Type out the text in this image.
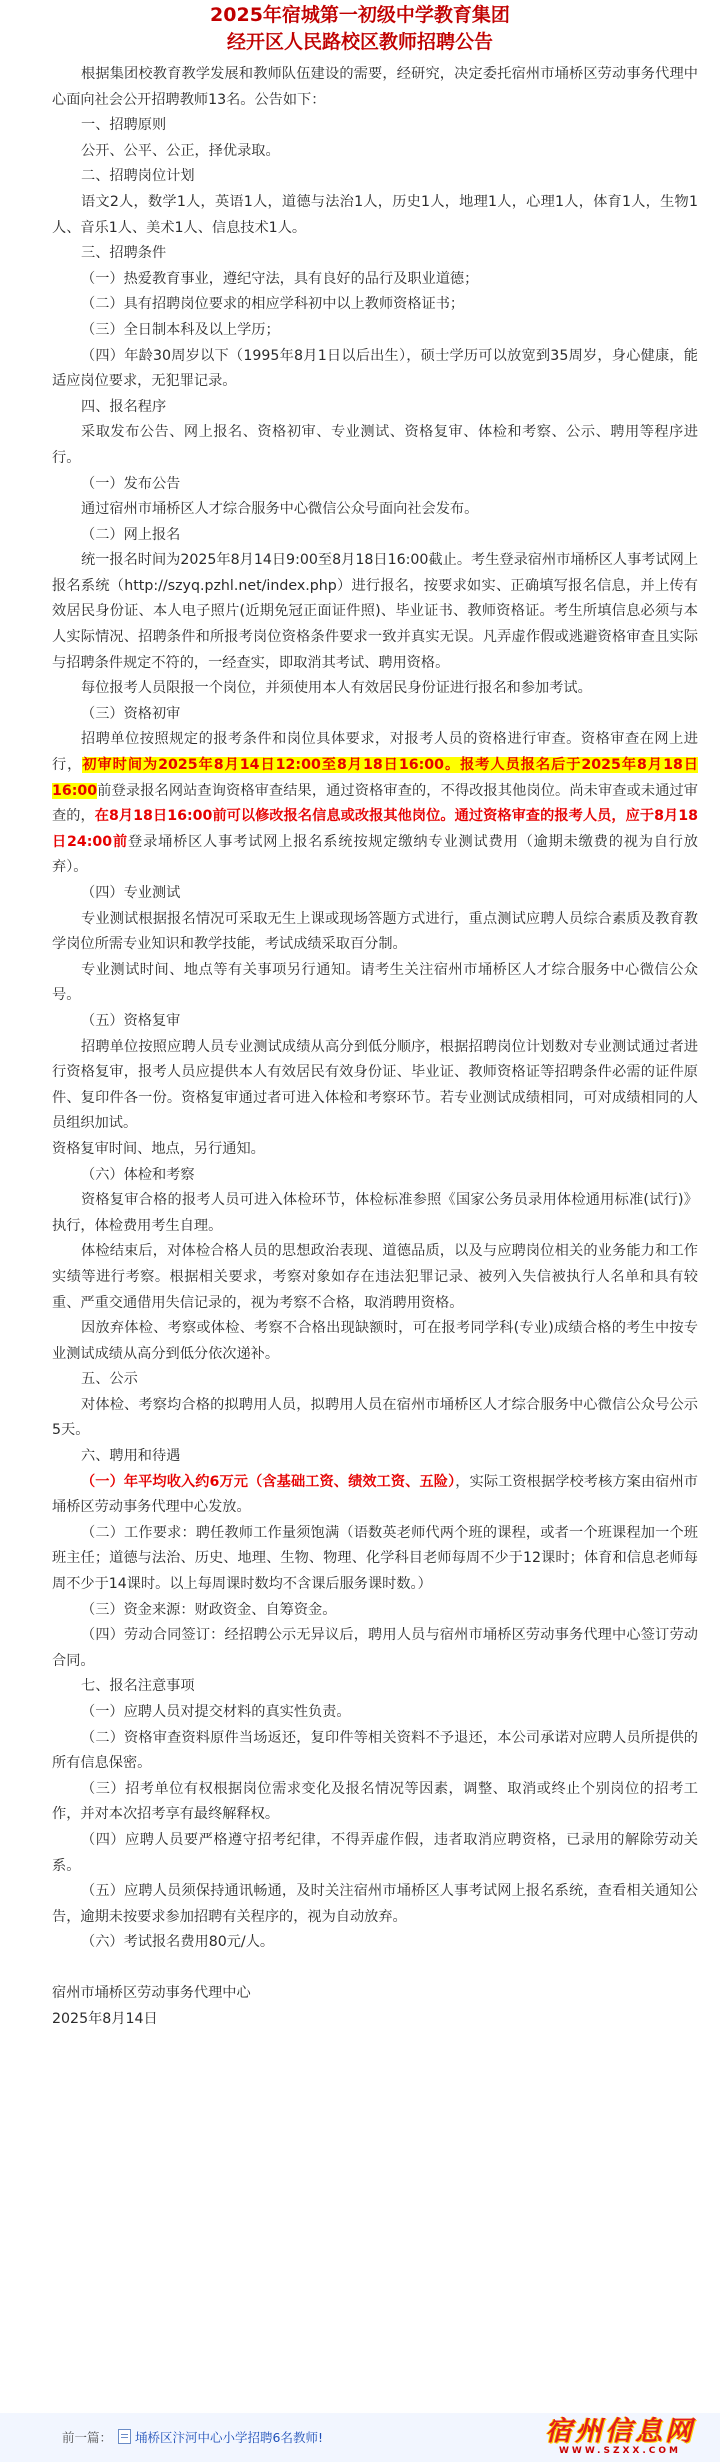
2025年宿城第一初级中学教育集团
经开区人民路校区教师招聘公告

根据集团校教育教学发展和教师队伍建设的需要，经研究，决定委托宿州市埇桥区劳动事务代理中心面向社会公开招聘教师13名。公告如下：

一、招聘原则

公开、公平、公正，择优录取。

二、招聘岗位计划

语文2人，数学1人，英语1人，道德与法治1人，历史1人，地理1人，心理1人，体育1人，生物1人、音乐1人、美术1人、信息技术1人。

三、招聘条件

（一）热爱教育事业，遵纪守法，具有良好的品行及职业道德；

（二）具有招聘岗位要求的相应学科初中以上教师资格证书；

（三）全日制本科及以上学历；

（四）年龄30周岁以下（1995年8月1日以后出生），硕士学历可以放宽到35周岁，身心健康，能适应岗位要求，无犯罪记录。

四、报名程序

采取发布公告、网上报名、资格初审、专业测试、资格复审、体检和考察、公示、聘用等程序进行。

（一）发布公告

通过宿州市埇桥区人才综合服务中心微信公众号面向社会发布。

（二）网上报名

统一报名时间为2025年8月14日9:00至8月18日16:00截止。考生登录宿州市埇桥区人事考试网上报名系统（http://szyq.pzhl.net/index.php）进行报名，按要求如实、正确填写报名信息，并上传有效居民身份证、本人电子照片(近期免冠正面证件照)、毕业证书、教师资格证。考生所填信息必须与本人实际情况、招聘条件和所报考岗位资格条件要求一致并真实无误。凡弄虚作假或逃避资格审查且实际与招聘条件规定不符的，一经查实，即取消其考试、聘用资格。

每位报考人员限报一个岗位，并须使用本人有效居民身份证进行报名和参加考试。

（三）资格初审

招聘单位按照规定的报考条件和岗位具体要求，对报考人员的资格进行审查。资格审查在网上进行，初审时间为2025年8月14日12:00至8月18日16:00。报考人员报名后于2025年8月18日16:00前登录报名网站查询资格审查结果，通过资格审查的，不得改报其他岗位。尚未审查或未通过审查的，在8月18日16:00前可以修改报名信息或改报其他岗位。通过资格审查的报考人员，应于8月18日24:00前登录埇桥区人事考试网上报名系统按规定缴纳专业测试费用（逾期未缴费的视为自行放弃）。

（四）专业测试

专业测试根据报名情况可采取无生上课或现场答题方式进行，重点测试应聘人员综合素质及教育教学岗位所需专业知识和教学技能，考试成绩采取百分制。

专业测试时间、地点等有关事项另行通知。请考生关注宿州市埇桥区人才综合服务中心微信公众号。

（五）资格复审

招聘单位按照应聘人员专业测试成绩从高分到低分顺序，根据招聘岗位计划数对专业测试通过者进行资格复审，报考人员应提供本人有效居民有效身份证、毕业证、教师资格证等招聘条件必需的证件原件、复印件各一份。资格复审通过者可进入体检和考察环节。若专业测试成绩相同，可对成绩相同的人员组织加试。

资格复审时间、地点，另行通知。

（六）体检和考察

资格复审合格的报考人员可进入体检环节，体检标准参照《国家公务员录用体检通用标准(试行)》执行，体检费用考生自理。

体检结束后，对体检合格人员的思想政治表现、道德品质，以及与应聘岗位相关的业务能力和工作实绩等进行考察。根据相关要求，考察对象如存在违法犯罪记录、被列入失信被执行人名单和具有较重、严重交通借用失信记录的，视为考察不合格，取消聘用资格。

因放弃体检、考察或体检、考察不合格出现缺额时，可在报考同学科(专业)成绩合格的考生中按专业测试成绩从高分到低分依次递补。

五、公示

对体检、考察均合格的拟聘用人员，拟聘用人员在宿州市埇桥区人才综合服务中心微信公众号公示5天。

六、聘用和待遇

（一）年平均收入约6万元（含基础工资、绩效工资、五险），实际工资根据学校考核方案由宿州市埇桥区劳动事务代理中心发放。

（二）工作要求：聘任教师工作量须饱满（语数英老师代两个班的课程，或者一个班课程加一个班班主任；道德与法治、历史、地理、生物、物理、化学科目老师每周不少于12课时；体育和信息老师每周不少于14课时。以上每周课时数均不含课后服务课时数。）

（三）资金来源：财政资金、自筹资金。

（四）劳动合同签订：经招聘公示无异议后，聘用人员与宿州市埇桥区劳动事务代理中心签订劳动合同。

七、报名注意事项

（一）应聘人员对提交材料的真实性负责。

（二）资格审查资料原件当场返还，复印件等相关资料不予退还，本公司承诺对应聘人员所提供的所有信息保密。

（三）招考单位有权根据岗位需求变化及报名情况等因素，调整、取消或终止个别岗位的招考工作，并对本次招考享有最终解释权。

（四）应聘人员要严格遵守招考纪律，不得弄虚作假，违者取消应聘资格，已录用的解除劳动关系。

（五）应聘人员须保持通讯畅通，及时关注宿州市埇桥区人事考试网上报名系统，查看相关通知公告，逾期未按要求参加招聘有关程序的，视为自动放弃。

（六）考试报名费用80元/人。

宿州市埇桥区劳动事务代理中心

2025年8月14日

前一篇： 埇桥区汴河中心小学招聘6名教师!	宿州信息网
WWW.SZXX.COM
